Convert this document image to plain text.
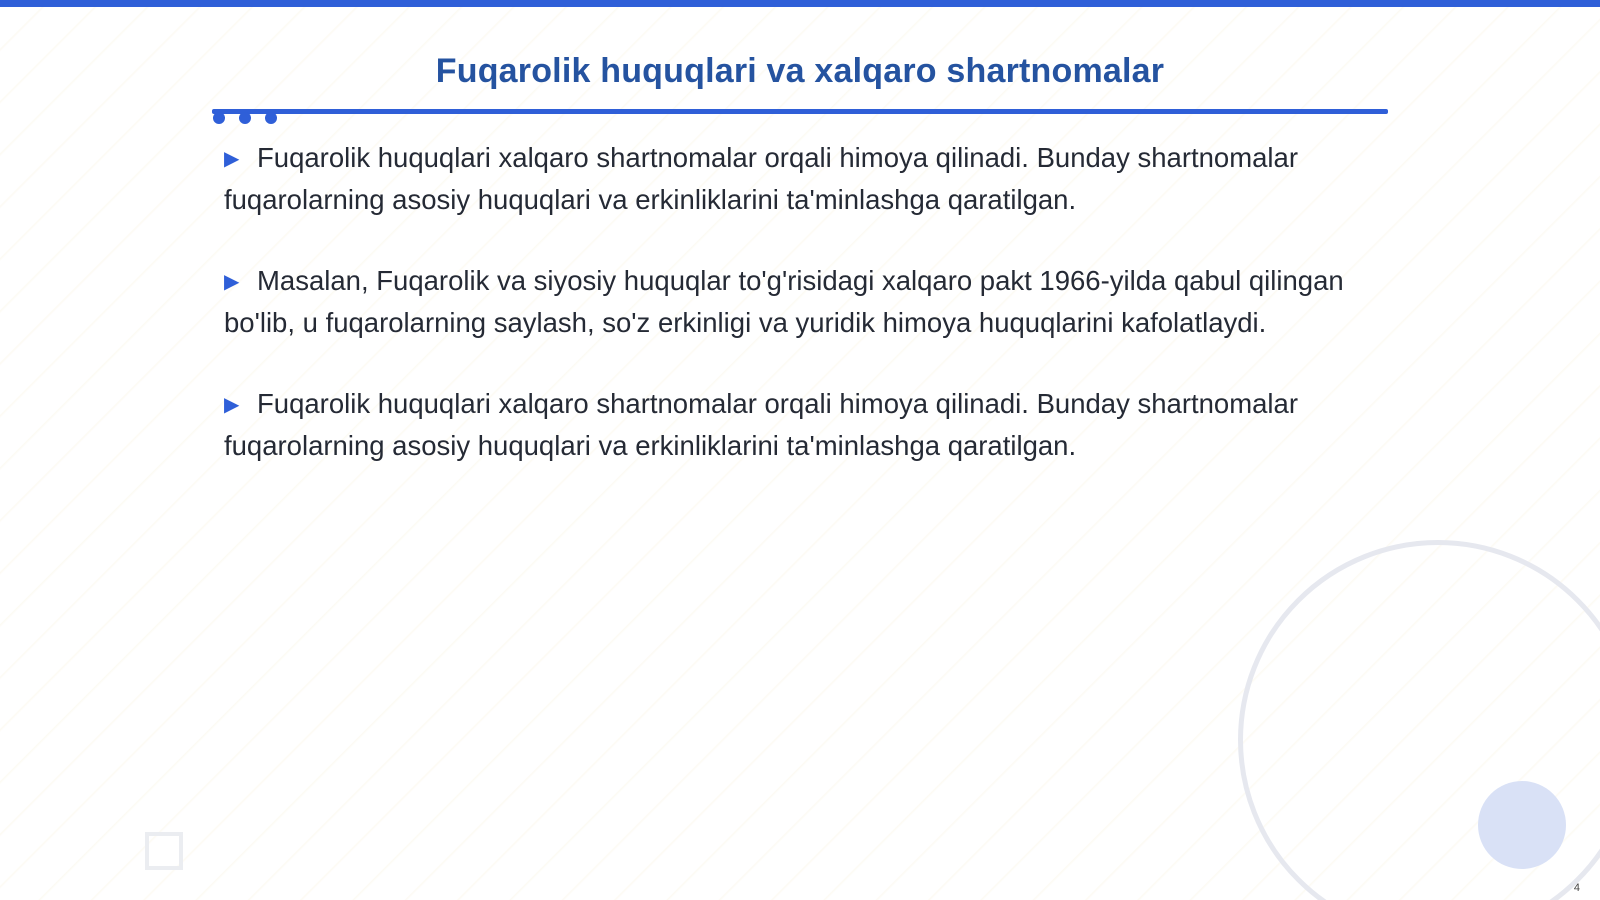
Fuqarolik huquqlari va xalqaro shartnomalar

▶ Fuqarolik huquqlari xalqaro shartnomalar orqali himoya qilinadi. Bunday shartnomalar fuqarolarning asosiy huquqlari va erkinliklarini ta'minlashga qaratilgan.

▶ Masalan, Fuqarolik va siyosiy huquqlar to'g'risidagi xalqaro pakt 1966-yilda qabul qilingan bo'lib, u fuqarolarning saylash, so'z erkinligi va yuridik himoya huquqlarini kafolatlaydi.

▶ Fuqarolik huquqlari xalqaro shartnomalar orqali himoya qilinadi. Bunday shartnomalar fuqarolarning asosiy huquqlari va erkinliklarini ta'minlashga qaratilgan.

4
